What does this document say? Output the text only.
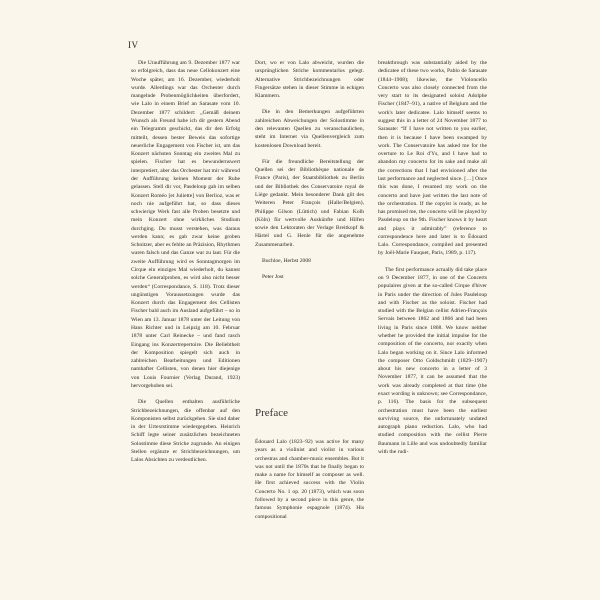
IV

Die Uraufführung am 9. Dezember 1877 war so erfolgreich, dass das neue Cellokonzert eine Woche später, am 16. Dezember, wiederholt wurde. Allerdings war das Orchester durch mangelnde Probenmöglichkeiten überfordert, wie Lalo in einem Brief an Sarasate vom 10. Dezember 1877 schildert: „Gemäß deinem Wunsch als Freund habe ich dir gestern Abend ein Telegramm geschickt, das dir den Erfolg mitteilt, dessen bester Beweis das sofortige neuerliche Engagement von Fischer ist, um das Konzert nächsten Sonntag ein zweites Mal zu spielen. Fischer hat es bewundernswert interpretiert, aber das Orchester hat mir während der Aufführung keinen Moment der Ruhe gelassen. Stell dir vor, Pasdeloup gab im selben Konzert Roméo [et Juliette] von Berlioz, was er noch nie aufgeführt hat, so dass dieses schwierige Werk fast alle Proben besetzte und mein Konzert ohne wirkliches Studium durchging. Du musst verstehen, was daraus werden kann; es gab zwar keine groben Schnitzer, aber es fehlte an Präzision, Rhythmen waren falsch und das Ganze war zu laut. Für die zweite Aufführung wird es Sonntagmorgen im Cirque ein einziges Mal wiederholt, du kannst solche Generalproben, es wird also nicht besser werden“ (Correspondance, S. 118). Trotz dieser ungünstigen Voraussetzungen wurde das Konzert durch das Engagement des Cellisten Fischer bald auch im Ausland aufgeführt – so in Wien am 13. Januar 1878 unter der Leitung von Hans Richter und in Leipzig am 10. Februar 1878 unter Carl Reinecke – und fand rasch Eingang ins Konzertrepertoire. Die Beliebtheit der Komposition spiegelt sich auch in zahlreichen Bearbeitungen und Editionen namhafter Cellisten, von denen hier diejenige von Louis Fournier (Verlag Durand, 1923) hervorgehoben sei.

Die Quellen enthalten ausführliche Strichbezeichnungen, die offenbar auf den Komponisten selbst zurückgehen. Sie sind daher in der Urtextstimme wiedergegeben. Heinrich Schiff legte seiner zusätzlichen bezeichneten Solostimme diese Striche zugrunde. An einigen Stellen ergänzte er Strichbezeichnungen, um Lalos Absichten zu verdeutlichen.

Dort, wo er von Lalo abweicht, wurden die ursprünglichen Striche kommentarlos gelegt. Alternative Strichbezeichnungen oder Fingersätze stehen in dieser Stimme in eckigen Klammern.

Die in den Bemerkungen aufgeführten zahlreichen Abweichungen der Solostimme in den relevanten Quellen zu veranschaulichen, steht im Internet via Quellenvergleich zum kostenlosen Download bereit.

Für die freundliche Bereitstellung der Quellen sei der Bibliothèque nationale de France (Paris), der Staatsbibliothek zu Berlin und der Bibliothek des Conservatoire royal de Liège gedankt. Mein besonderer Dank gilt des Weiteren Peter François (Halle/Belgien), Philippe Gilson (Lüttich) und Fabian Kolb (Köln) für wertvolle Auskünfte und Hilfen sowie den Lektoraten der Verlage Breitkopf & Härtel und G. Henle für die angenehme Zusammenarbeit.

Buchloe, Herbst 2008

Peter Jost

Preface

Édouard Lalo (1823–92) was active for many years as a violinist and violist in various orchestras and chamber-music ensembles. But it was not until the 1870s that he finally began to make a name for himself as composer as well. He first achieved success with the Violin Concerto No. 1 op. 20 (1873), which was soon followed by a second piece in this genre, the famous Symphonie espagnole (1874). His compositional

breakthrough was substantially aided by the dedicatee of these two works, Pablo de Sarasate (1844–1908); likewise, the Violoncello Concerto was also closely connected from the very start to its designated soloist Adolphe Fischer (1847–91), a native of Belgium and the work's later dedicatee. Lalo himself seems to suggest this in a letter of 24 November 1877 to Sarasate: “If I have not written to you earlier, then it is because I have been swamped by work. The Conservatoire has asked me for the overture to Le Roi d'Ys, and I have had to abandon my concerto for its sake and make all the corrections that I had envisioned after the last performance and neglected since. […] Once this was done, I resumed my work on the concerto and have just written the last note of the orchestration. If the copyist is ready, as he has promised me, the concerto will be played by Pasdeloup on the 9th. Fischer knows it by heart and plays it admirably” (reference to correspondence here and later is to Édouard Lalo. Correspondance, compiled and presented by Joël-Marie Fauquet, Paris, 1989, p. 117).

The first performance actually did take place on 9 December 1877, in one of the Concerts populaires given at the so-called Cirque d'hiver in Paris under the direction of Jules Pasdeloup and with Fischer as the soloist. Fischer had studied with the Belgian cellist Adrien-François Servais between 1862 and 1866 and had been living in Paris since 1868. We know neither whether he provided the initial impulse for the composition of the concerto, nor exactly when Lalo began working on it. Since Lalo informed the composer Otto Goldschmidt (1829–1907) about his new concerto in a letter of 3 November 1877, it can be assumed that the work was already completed at that time (the exact wording is unknown; see Correspondance, p. 116). The basis for the subsequent orchestration must have been the earliest surviving source, the unfortunately undated autograph piano reduction. Lalo, who had studied composition with the cellist Pierre Baumann in Lille and was undoubtedly familiar with the rudi-
